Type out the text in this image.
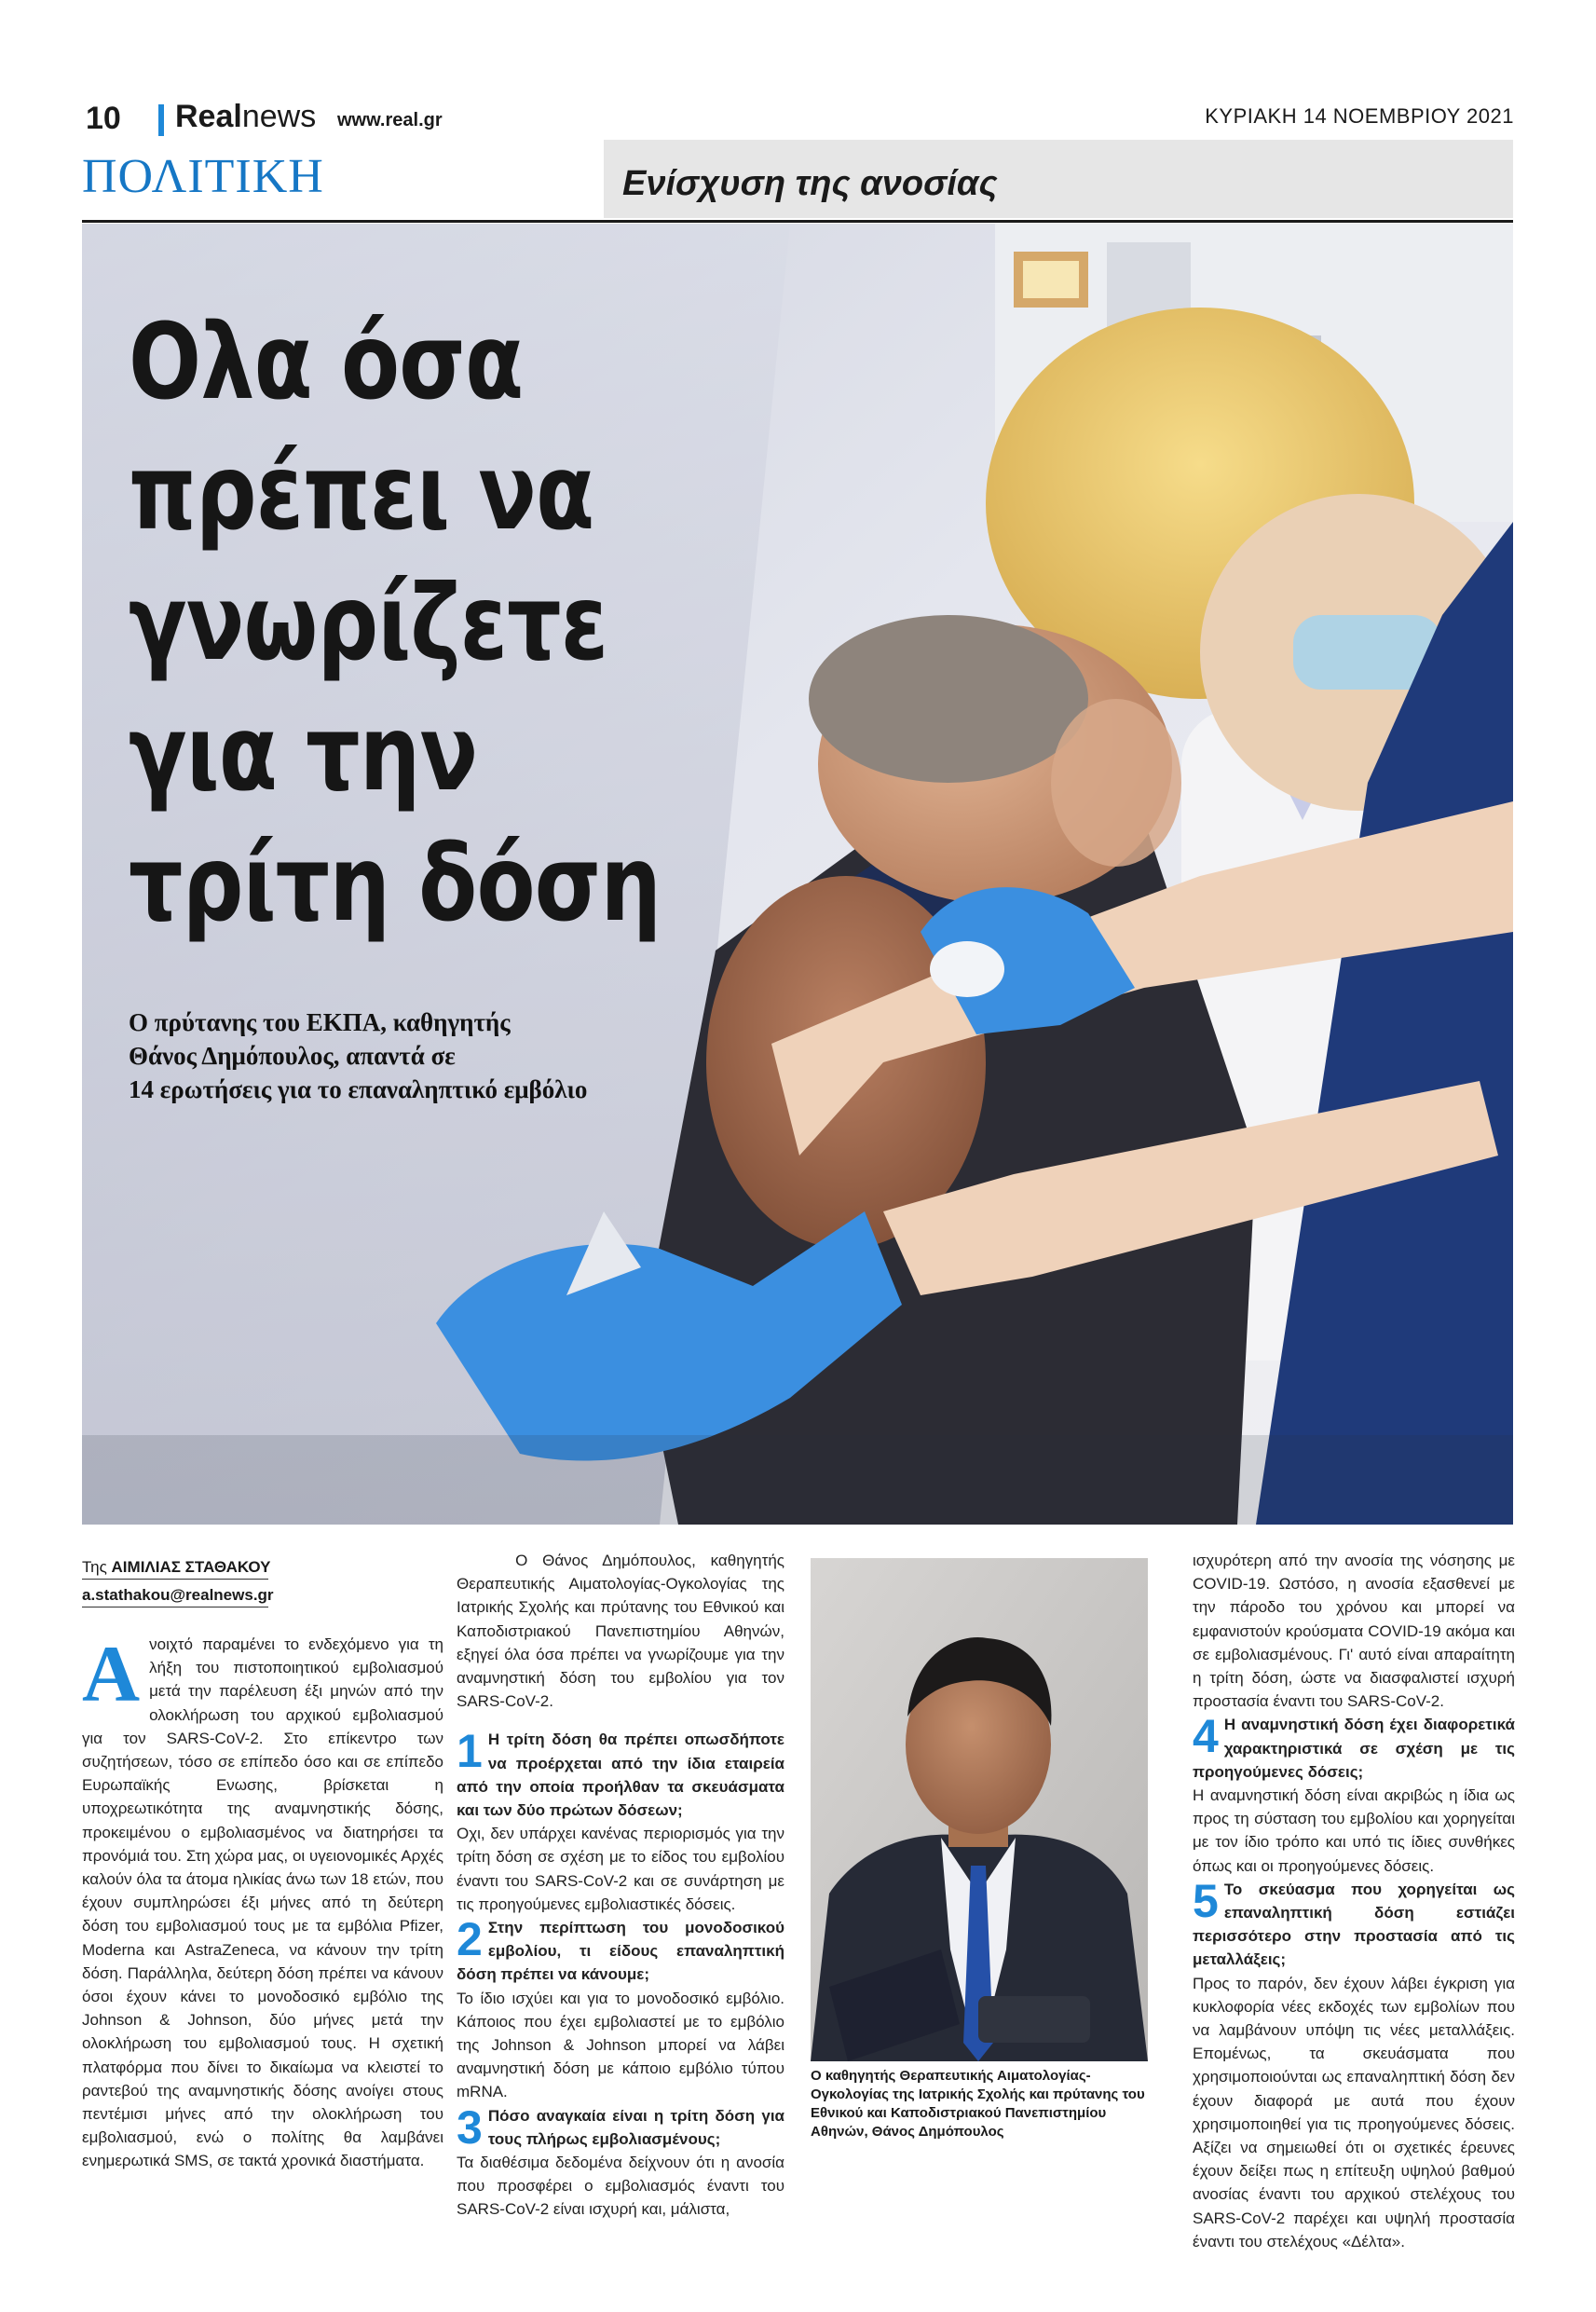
10 Realnews www.real.gr	ΚΥΡΙΑΚΗ 14 ΝΟΕΜΒΡΙΟΥ 2021
ΠΟΛΙΤΙΚΗ	Ενίσχυση της ανοσίας
Ολα όσα
πρέπει να
γνωρίζετε
για την
τρίτη δόση
Ο πρύτανης του ΕΚΠΑ, καθηγητής
Θάνος Δημόπουλος, απαντά σε
14 ερωτήσεις για το επαναληπτικό εμβόλιο
Της ΑΙΜΙΛΙΑΣ ΣΤΑΘΑΚΟΥ
a.stathakou@realnews.gr
Α νοιχτό παραμένει το ενδεχόμενο για τη λήξη του πιστοποιητικού εμβολιασμού μετά την παρέλευση έξι μηνών από την ολοκλήρωση του αρχικού εμβολιασμού για τον SARS-CoV-2. Στο επίκεντρο των συζητήσεων, τόσο σε επίπεδο όσο και σε επίπεδο Ευρωπαϊκής Ενωσης, βρίσκεται η υποχρεωτικότητα της αναμνηστικής δόσης, προκειμένου ο εμβολιασμένος να διατηρήσει τα προνόμιά του. Στη χώρα μας, οι υγειονομικές Αρχές καλούν όλα τα άτομα ηλικίας άνω των 18 ετών, που έχουν συμπληρώσει έξι μήνες από τη δεύτερη δόση του εμβολιασμού τους με τα εμβόλια Pfizer, Moderna και AstraZeneca, να κάνουν την τρίτη δόση. Παράλληλα, δεύτερη δόση πρέπει να κάνουν όσοι έχουν κάνει το μονοδοσικό εμβόλιο της Johnson & Johnson, δύο μήνες μετά την ολοκλήρωση του εμβολιασμού τους. Η σχετική πλατφόρμα που δίνει το δικαίωμα να κλειστεί το ραντεβού της αναμνηστικής δόσης ανοίγει στους πεντέμισι μήνες από την ολοκλήρωση του εμβολιασμού, ενώ ο πολίτης θα λαμβάνει ενημερωτικά SMS, σε τακτά χρονικά διαστήματα.

Ο Θάνος Δημόπουλος, καθηγητής Θεραπευτικής Αιματολογίας-Ογκολογίας της Ιατρικής Σχολής και πρύτανης του Εθνικού και Καποδιστριακού Πανεπιστημίου Αθηνών, εξηγεί όλα όσα πρέπει να γνωρίζουμε για την αναμνηστική δόση του εμβολίου για τον SARS-CoV-2.

1 Η τρίτη δόση θα πρέπει οπωσδήποτε να προέρχεται από την ίδια εταιρεία από την οποία προήλθαν τα σκευάσματα και των δύο πρώτων δόσεων;

Οχι, δεν υπάρχει κανένας περιορισμός για την τρίτη δόση σε σχέση με το είδος του εμβολίου έναντι του SARS-CoV-2 και σε συνάρτηση με τις προηγούμενες εμβολιαστικές δόσεις.

2 Στην περίπτωση του μονοδοσικού εμβολίου, τι είδους επαναληπτική δόση πρέπει να κάνουμε;

Το ίδιο ισχύει και για το μονοδοσικό εμβόλιο. Κάποιος που έχει εμβολιαστεί με το εμβόλιο της Johnson & Johnson μπορεί να λάβει αναμνηστική δόση με κάποιο εμβόλιο τύπου mRNA.

3 Πόσο αναγκαία είναι η τρίτη δόση για τους πλήρως εμβολιασμένους;

Τα διαθέσιμα δεδομένα δείχνουν ότι η ανοσία που προσφέρει ο εμβολιασμός έναντι του SARS-CoV-2 είναι ισχυρή και, μάλιστα,

Ο καθηγητής Θεραπευτικής Αιματολογίας-Ογκολογίας της Ιατρικής Σχολής και πρύτανης του Εθνικού και Καποδιστριακού Πανεπιστημίου Αθηνών, Θάνος Δημόπουλος

ισχυρότερη από την ανοσία της νόσησης με COVID-19. Ωστόσο, η ανοσία εξασθενεί με την πάροδο του χρόνου και μπορεί να εμφανιστούν κρούσματα COVID-19 ακόμα και σε εμβολιασμένους. Γι' αυτό είναι απαραίτητη η τρίτη δόση, ώστε να διασφαλιστεί ισχυρή προστασία έναντι του SARS-CoV-2.

4 Η αναμνηστική δόση έχει διαφορετικά χαρακτηριστικά σε σχέση με τις προηγούμενες δόσεις;

Η αναμνηστική δόση είναι ακριβώς η ίδια ως προς τη σύσταση του εμβολίου και χορηγείται με τον ίδιο τρόπο και υπό τις ίδιες συνθήκες όπως και οι προηγούμενες δόσεις.

5 Το σκεύασμα που χορηγείται ως επαναληπτική δόση εστιάζει περισσότερο στην προστασία από τις μεταλλάξεις;

Προς το παρόν, δεν έχουν λάβει έγκριση για κυκλοφορία νέες εκδοχές των εμβολίων που να λαμβάνουν υπόψη τις νέες μεταλλάξεις. Επομένως, τα σκευάσματα που χρησιμοποιούνται ως επαναληπτική δόση δεν έχουν διαφορά με αυτά που έχουν χρησιμοποιηθεί για τις προηγούμενες δόσεις. Αξίζει να σημειωθεί ότι οι σχετικές έρευνες έχουν δείξει πως η επίτευξη υψηλού βαθμού ανοσίας έναντι του αρχικού στελέχους του SARS-CoV-2 παρέχει και υψηλή προστασία έναντι του στελέχους «Δέλτα».
